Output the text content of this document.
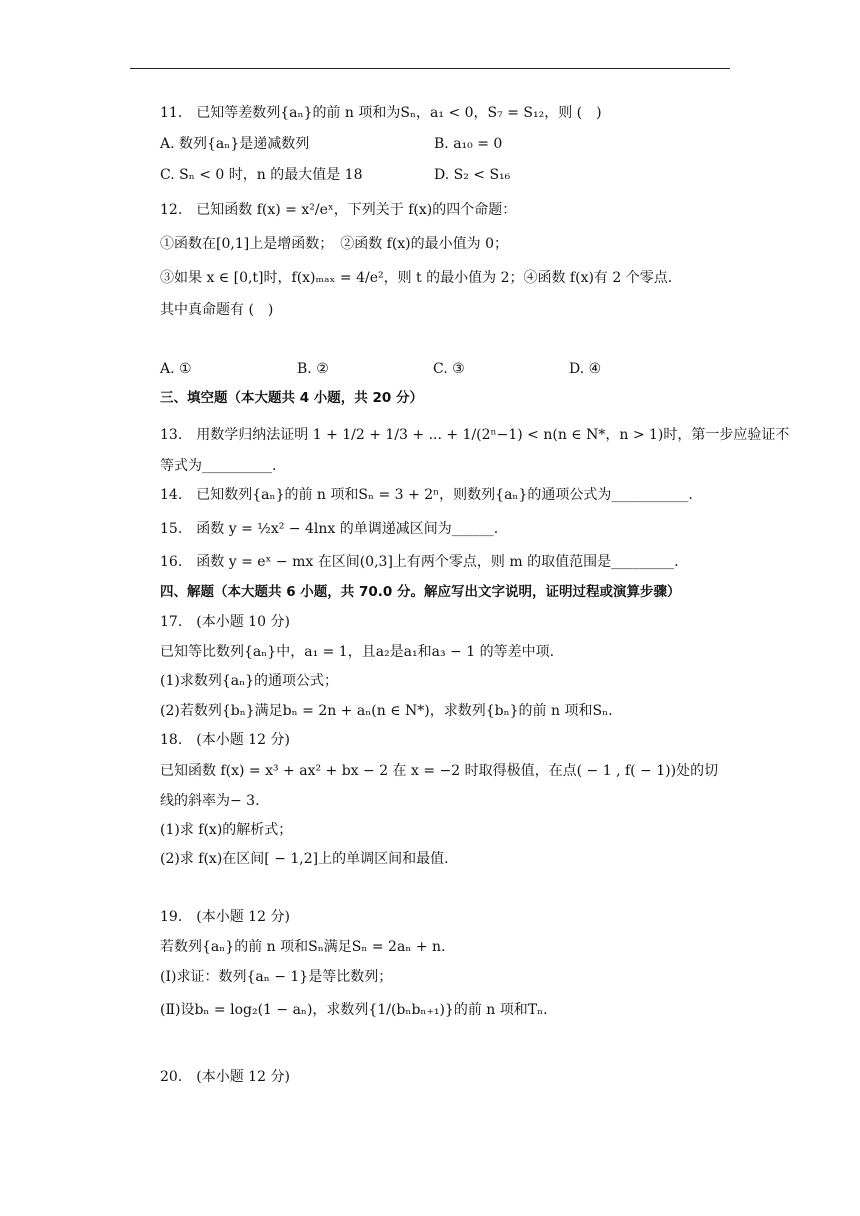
11.　已知等差数列{aₙ}的前 n 项和为Sₙ，a₁ < 0，S₇ = S₁₂，则 (　)
A. 数列{aₙ}是递减数列	B. a₁₀ = 0
C. Sₙ < 0 时，n 的最大值是 18	D. S₂ < S₁₆
12.　已知函数 f(x) = x²/eˣ，下列关于 f(x)的四个命题：
①函数在[0,1]上是增函数；　②函数 f(x)的最小值为 0；
③如果 x ∈ [0,t]时，f(x)ₘₐₓ = 4/e²，则 t 的最小值为 2；④函数 f(x)有 2 个零点.
其中真命题有 (　)
A. ①	B. ②	C. ③	D. ④
三、填空题（本大题共 4 小题，共 20 分）
13.　用数学归纳法证明 1 + 1/2 + 1/3 + ... + 1/(2ⁿ−1) < n(n ∈ N*，n > 1)时，第一步应验证不
等式为__________.
14.　已知数列{aₙ}的前 n 项和Sₙ = 3 + 2ⁿ，则数列{aₙ}的通项公式为___________.
15.　函数 y = ½x² − 4lnx 的单调递减区间为______.
16.　函数 y = eˣ − mx 在区间(0,3]上有两个零点，则 m 的取值范围是_________.
四、解题（本大题共 6 小题，共 70.0 分。解应写出文字说明，证明过程或演算步骤）
17.　(本小题 10 分)
已知等比数列{aₙ}中，a₁ = 1，且a₂是a₁和a₃ − 1 的等差中项.
(1)求数列{aₙ}的通项公式；
(2)若数列{bₙ}满足bₙ = 2n + aₙ(n ∈ N*)，求数列{bₙ}的前 n 项和Sₙ.
18.　(本小题 12 分)
已知函数 f(x) = x³ + ax² + bx − 2 在 x = −2 时取得极值，在点( − 1 , f( − 1))处的切
线的斜率为− 3.
(1)求 f(x)的解析式；
(2)求 f(x)在区间[ − 1,2]上的单调区间和最值.
19.　(本小题 12 分)
若数列{aₙ}的前 n 项和Sₙ满足Sₙ = 2aₙ + n.
(Ⅰ)求证：数列{aₙ − 1}是等比数列；
(Ⅱ)设bₙ = log₂(1 − aₙ)，求数列{1/(bₙbₙ₊₁)}的前 n 项和Tₙ.
20.　(本小题 12 分)
